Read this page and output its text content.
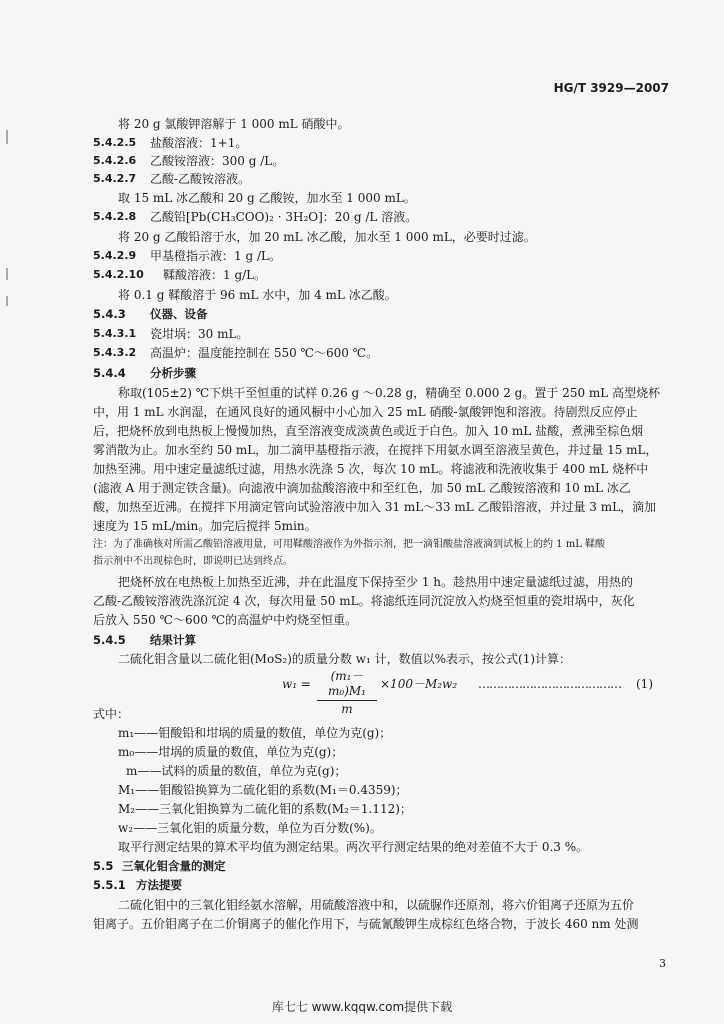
HG/T 3929—2007
将 20 g 氯酸钾溶解于 1 000 mL 硝酸中。
5.4.2.5 盐酸溶液：1+1。
5.4.2.6 乙酸铵溶液：300 g /L。
5.4.2.7 乙酸-乙酸铵溶液。
取 15 mL 冰乙酸和 20 g 乙酸铵，加水至 1 000 mL。
5.4.2.8 乙酸铅[Pb(CH₃COO)₂ · 3H₂O]：20 g /L 溶液。
将 20 g 乙酸铅溶于水，加 20 mL 冰乙酸，加水至 1 000 mL，必要时过滤。
5.4.2.9 甲基橙指示液：1 g /L。
5.4.2.10 鞣酸溶液：1 g/L。
将 0.1 g 鞣酸溶于 96 mL 水中，加 4 mL 冰乙酸。
5.4.3 仪器、设备
5.4.3.1 瓷坩埚：30 mL。
5.4.3.2 高温炉：温度能控制在 550 ℃～600 ℃。
5.4.4 分析步骤
称取(105±2) ℃下烘干至恒重的试样 0.26 g ～0.28 g，精确至 0.000 2 g。置于 250 mL 高型烧杯
中，用 1 mL 水润湿，在通风良好的通风橱中小心加入 25 mL 硝酸-氯酸钾饱和溶液。待剧烈反应停止
后，把烧杯放到电热板上慢慢加热，直至溶液变成淡黄色或近于白色。加入 10 mL 盐酸，煮沸至棕色烟
雾消散为止。加水至约 50 mL，加二滴甲基橙指示液，在搅拌下用氨水调至溶液呈黄色，并过量 15 mL，
加热至沸。用中速定量滤纸过滤，用热水洗涤 5 次，每次 10 mL。将滤液和洗液收集于 400 mL 烧杯中
(滤液 A 用于测定铁含量)。向滤液中滴加盐酸溶液中和至红色，加 50 mL 乙酸铵溶液和 10 mL 冰乙
酸，加热至近沸。在搅拌下用滴定管向试验溶液中加入 31 mL～33 mL 乙酸铅溶液，并过量 3 mL，滴加
速度为 15 mL/min。加完后搅拌 5min。
注：为了准确核对所需乙酸铅溶液用量，可用鞣酸溶液作为外指示剂，把一滴钼酸盐溶液滴到试板上的约 1 mL 鞣酸
指示剂中不出现棕色时，即说明已达到终点。
把烧杯放在电热板上加热至近沸，并在此温度下保持至少 1 h。趁热用中速定量滤纸过滤，用热的
乙酸-乙酸铵溶液洗涤沉淀 4 次，每次用量 50 mL。将滤纸连同沉淀放入灼烧至恒重的瓷坩埚中，灰化
后放入 550 ℃～600 ℃的高温炉中灼烧至恒重。
5.4.5 结果计算
二硫化钼含量以二硫化钼(MoS₂)的质量分数 w₁ 计，数值以%表示，按公式(1)计算：
w₁ =
(m₁－m₀)M₁
m
×100－M₂w₂ ………………………………… (1)
式中：
m₁——钼酸铅和坩埚的质量的数值，单位为克(g)；
m₀——坩埚的质量的数值，单位为克(g)；
m——试料的质量的数值，单位为克(g)；
M₁——钼酸铅换算为二硫化钼的系数(M₁＝0.4359)；
M₂——三氧化钼换算为二硫化钼的系数(M₂＝1.112)；
w₂——三氧化钼的质量分数，单位为百分数(%)。
取平行测定结果的算术平均值为测定结果。两次平行测定结果的绝对差值不大于 0.3 %。
5.5 三氧化钼含量的测定
5.5.1 方法提要
二硫化钼中的三氧化钼经氨水溶解，用硫酸溶液中和，以硫脲作还原剂，将六价钼离子还原为五价
钼离子。五价钼离子在二价铜离子的催化作用下，与硫氰酸钾生成棕红色络合物，于波长 460 nm 处测
3
库七七 www.kqqw.com提供下载
